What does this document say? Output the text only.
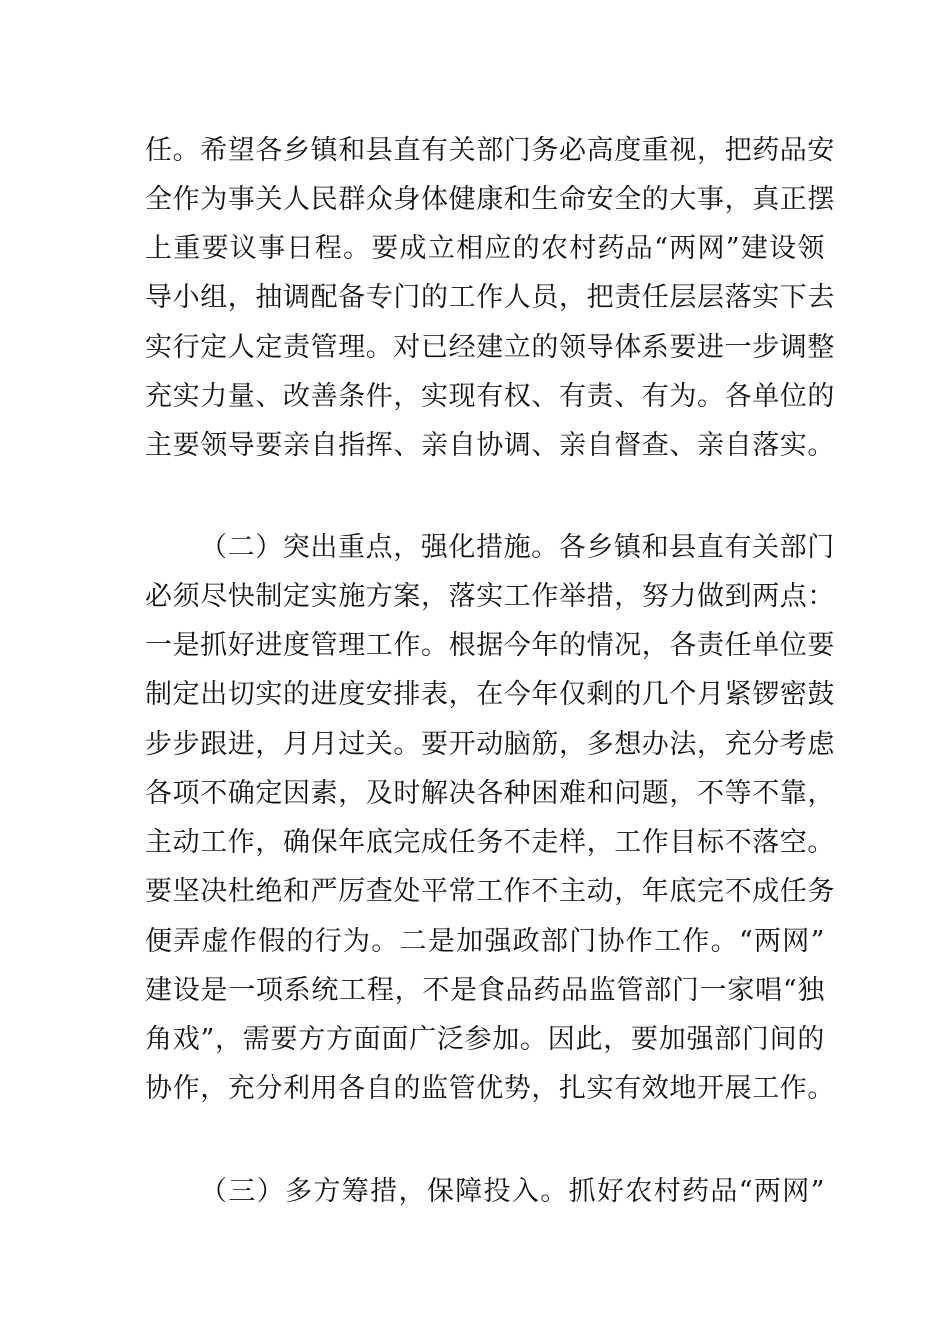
任。希望各乡镇和县直有关部门务必高度重视，把药品安
全作为事关人民群众身体健康和生命安全的大事，真正摆
上重要议事日程。要成立相应的农村药品“两网”建设领
导小组，抽调配备专门的工作人员，把责任层层落实下去
实行定人定责管理。对已经建立的领导体系要进一步调整
充实力量、改善条件，实现有权、有责、有为。各单位的
主要领导要亲自指挥、亲自协调、亲自督查、亲自落实。
（二）突出重点，强化措施。各乡镇和县直有关部门
必须尽快制定实施方案，落实工作举措，努力做到两点：
一是抓好进度管理工作。根据今年的情况，各责任单位要
制定出切实的进度安排表，在今年仅剩的几个月紧锣密鼓
步步跟进，月月过关。要开动脑筋，多想办法，充分考虑
各项不确定因素，及时解决各种困难和问题，不等不靠，
主动工作，确保年底完成任务不走样，工作目标不落空。
要坚决杜绝和严厉查处平常工作不主动，年底完不成任务
便弄虚作假的行为。二是加强政部门协作工作。“两网”
建设是一项系统工程，不是食品药品监管部门一家唱“独
角戏”，需要方方面面广泛参加。因此，要加强部门间的
协作，充分利用各自的监管优势，扎实有效地开展工作。
（三）多方筹措，保障投入。抓好农村药品“两网”
